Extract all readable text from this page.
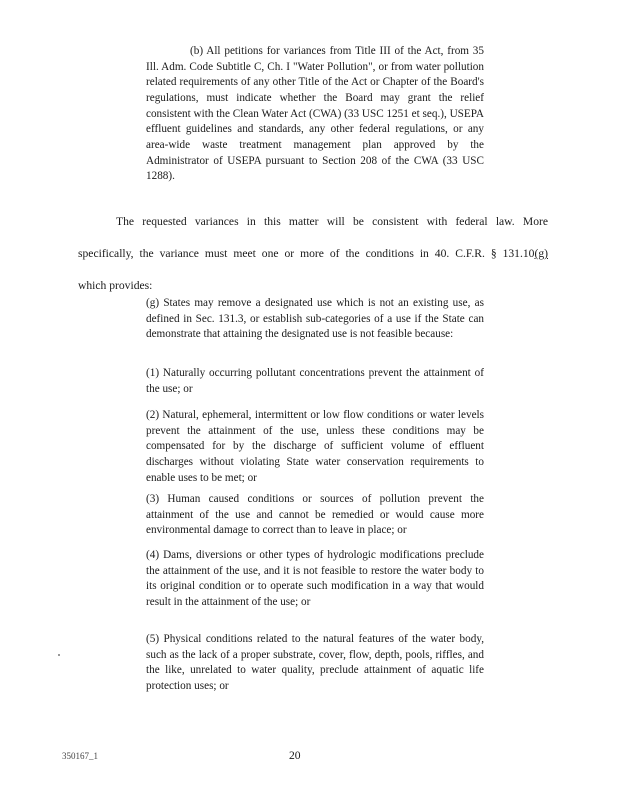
(b) All petitions for variances from Title III of the Act, from 35 Ill. Adm. Code Subtitle C, Ch. I "Water Pollution", or from water pollution related requirements of any other Title of the Act or Chapter of the Board's regulations, must indicate whether the Board may grant the relief consistent with the Clean Water Act (CWA) (33 USC 1251 et seq.), USEPA effluent guidelines and standards, any other federal regulations, or any area-wide waste treatment management plan approved by the Administrator of USEPA pursuant to Section 208 of the CWA (33 USC 1288).

The requested variances in this matter will be consistent with federal law. More

specifically, the variance must meet one or more of the conditions in 40. C.F.R. § 131.10(g)

which provides:

(g) States may remove a designated use which is not an existing use, as defined in Sec. 131.3, or establish sub-categories of a use if the State can demonstrate that attaining the designated use is not feasible because:

(1) Naturally occurring pollutant concentrations prevent the attainment of the use; or

(2) Natural, ephemeral, intermittent or low flow conditions or water levels prevent the attainment of the use, unless these conditions may be compensated for by the discharge of sufficient volume of effluent discharges without violating State water conservation requirements to enable uses to be met; or

(3) Human caused conditions or sources of pollution prevent the attainment of the use and cannot be remedied or would cause more environmental damage to correct than to leave in place; or

(4) Dams, diversions or other types of hydrologic modifications preclude the attainment of the use, and it is not feasible to restore the water body to its original condition or to operate such modification in a way that would result in the attainment of the use; or

(5) Physical conditions related to the natural features of the water body, such as the lack of a proper substrate, cover, flow, depth, pools, riffles, and the like, unrelated to water quality, preclude attainment of aquatic life protection uses; or

350167_1	20
